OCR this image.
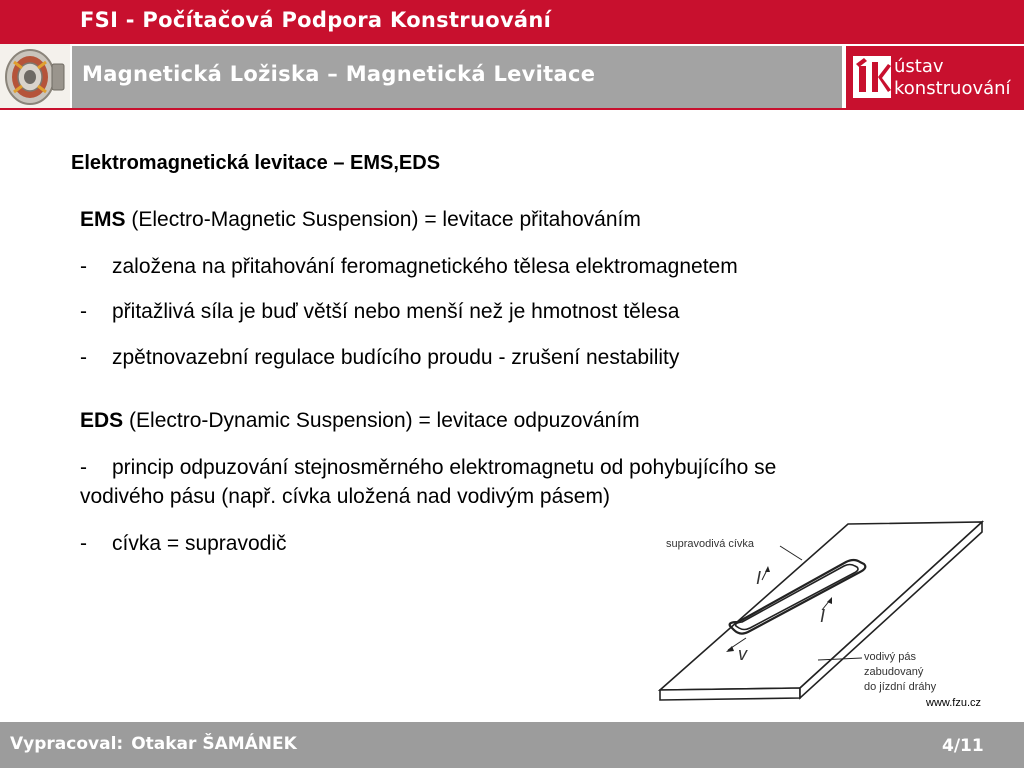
FSI - Počítačová Podpora Konstruování
Magnetická Ložiska – Magnetická Levitace	ústav
konstruování
Elektromagnetická levitace – EMS,EDS
EMS (Electro-Magnetic Suspension) = levitace přitahováním
- založena na přitahování feromagnetického tělesa elektromagnetem
- přitažlivá síla je buď větší nebo menší než je hmotnost tělesa
- zpětnovazební regulace budícího proudu - zrušení nestability
EDS (Electro-Dynamic Suspension) = levitace odpuzováním
- princip odpuzování stejnosměrného elektromagnetu od pohybujícího se
vodivého pásu (např. cívka uložená nad vodivým pásem)
- cívka = supravodič	supravodivá cívka
I
I
v	vodivý pás
zabudovaný
do jízdní dráhy
www.fzu.cz
Vypracoval: Otakar ŠAMÁNEK	4/11
